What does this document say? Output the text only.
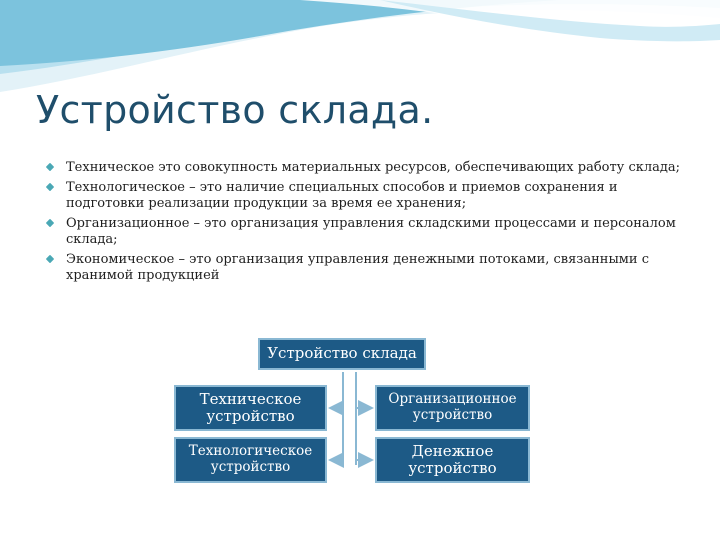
Устройство склада.
Техническое это совокупность материальных ресурсов, обеспечивающих работу склада;
Технологическое – это наличие специальных способов и приемов сохранения и подготовки реализации продукции за время ее хранения;
Организационное – это организация управления складскими процессами и персоналом склада;
Экономическое – это организация управления денежными потоками, связанными с хранимой продукцией
Устройство склада
Техническое устройство
Организационное устройство
Технологическое устройство
Денежное устройство
